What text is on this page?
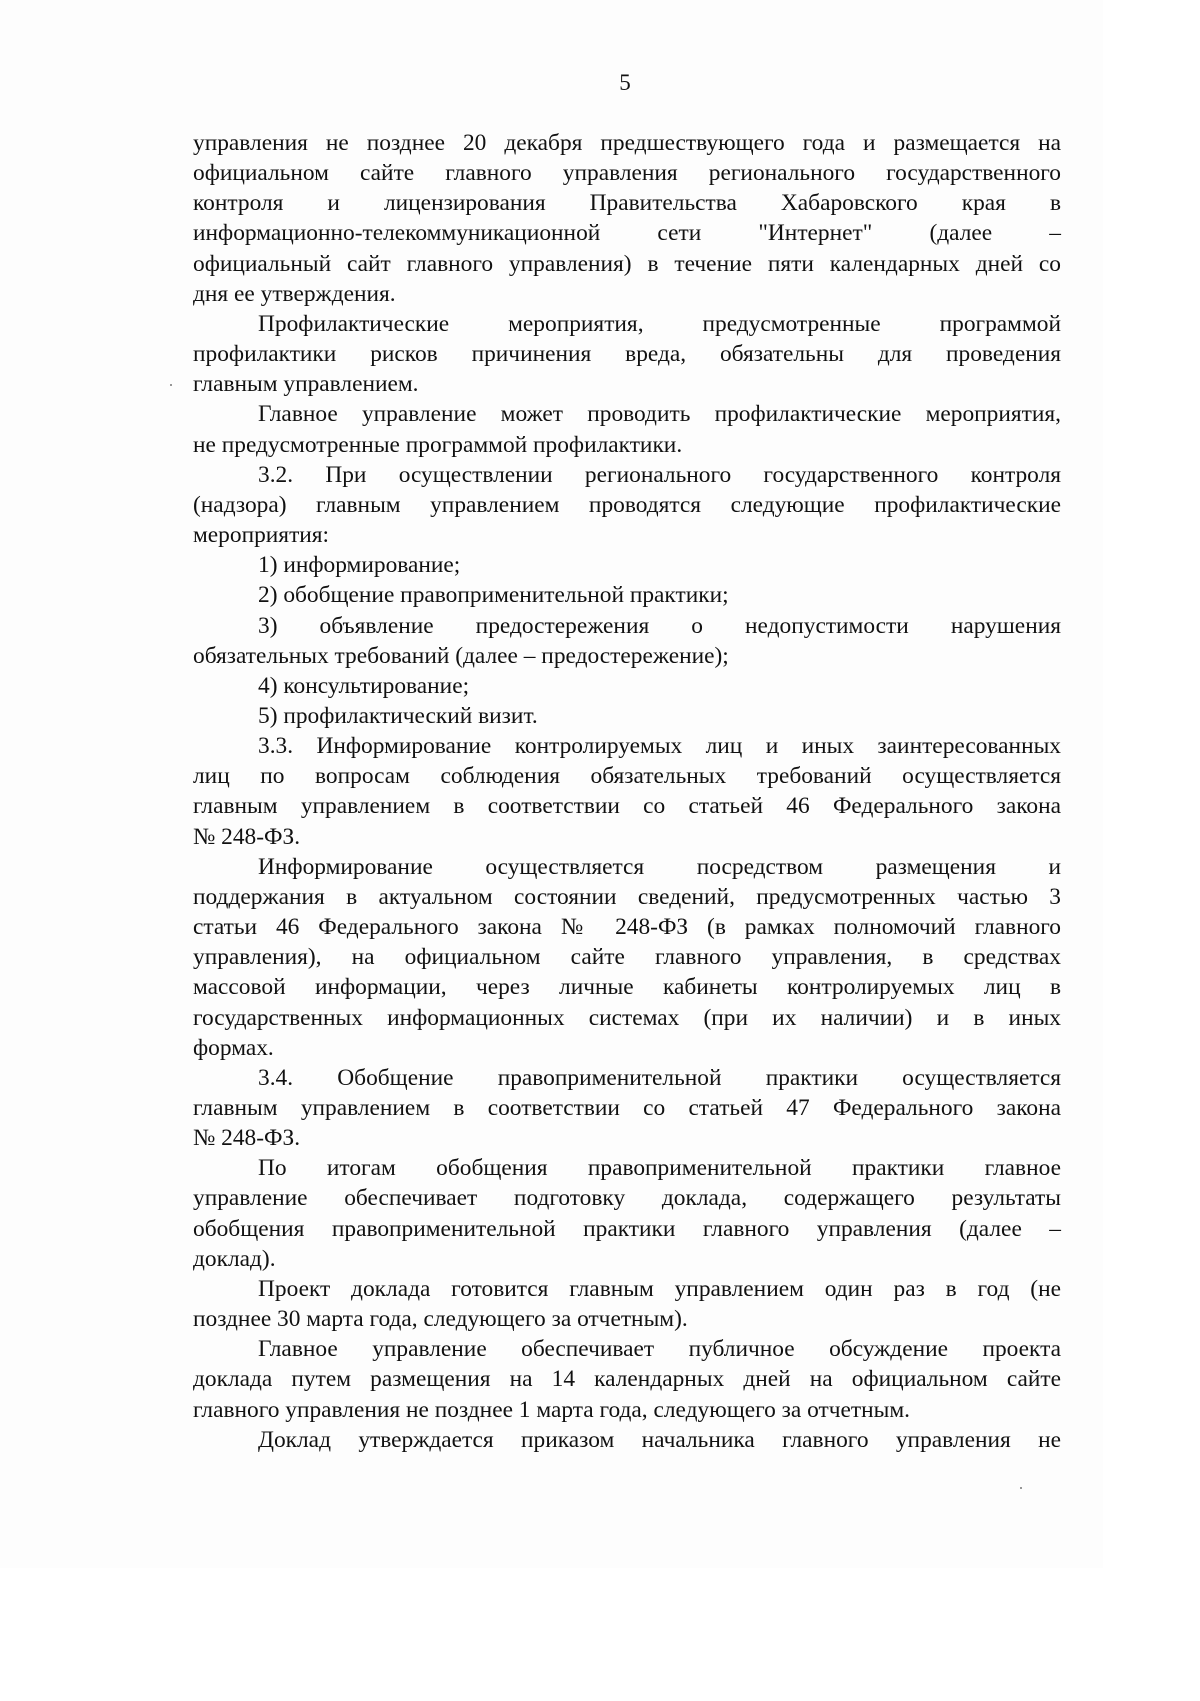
5
управления не позднее 20 декабря предшествующего года и размещается на
официальном сайте главного управления регионального государственного
контроля и лицензирования Правительства Хабаровского края в
информационно-телекоммуникационной сети "Интернет" (далее –
официальный сайт главного управления) в течение пяти календарных дней со
дня ее утверждения.
Профилактические мероприятия, предусмотренные программой
профилактики рисков причинения вреда, обязательны для проведения
главным управлением.
Главное управление может проводить профилактические мероприятия,
не предусмотренные программой профилактики.
3.2. При осуществлении регионального государственного контроля
(надзора) главным управлением проводятся следующие профилактические
мероприятия:
1) информирование;
2) обобщение правоприменительной практики;
3) объявление предостережения о недопустимости нарушения
обязательных требований (далее – предостережение);
4) консультирование;
5) профилактический визит.
3.3. Информирование контролируемых лиц и иных заинтересованных
лиц по вопросам соблюдения обязательных требований осуществляется
главным управлением в соответствии со статьей 46 Федерального закона
№ 248-ФЗ.
Информирование осуществляется посредством размещения и
поддержания в актуальном состоянии сведений, предусмотренных частью 3
статьи 46 Федерального закона № 248-ФЗ (в рамках полномочий главного
управления), на официальном сайте главного управления, в средствах
массовой информации, через личные кабинеты контролируемых лиц в
государственных информационных системах (при их наличии) и в иных
формах.
3.4. Обобщение правоприменительной практики осуществляется
главным управлением в соответствии со статьей 47 Федерального закона
№ 248-ФЗ.
По итогам обобщения правоприменительной практики главное
управление обеспечивает подготовку доклада, содержащего результаты
обобщения правоприменительной практики главного управления (далее –
доклад).
Проект доклада готовится главным управлением один раз в год (не
позднее 30 марта года, следующего за отчетным).
Главное управление обеспечивает публичное обсуждение проекта
доклада путем размещения на 14 календарных дней на официальном сайте
главного управления не позднее 1 марта года, следующего за отчетным.
Доклад утверждается приказом начальника главного управления не
